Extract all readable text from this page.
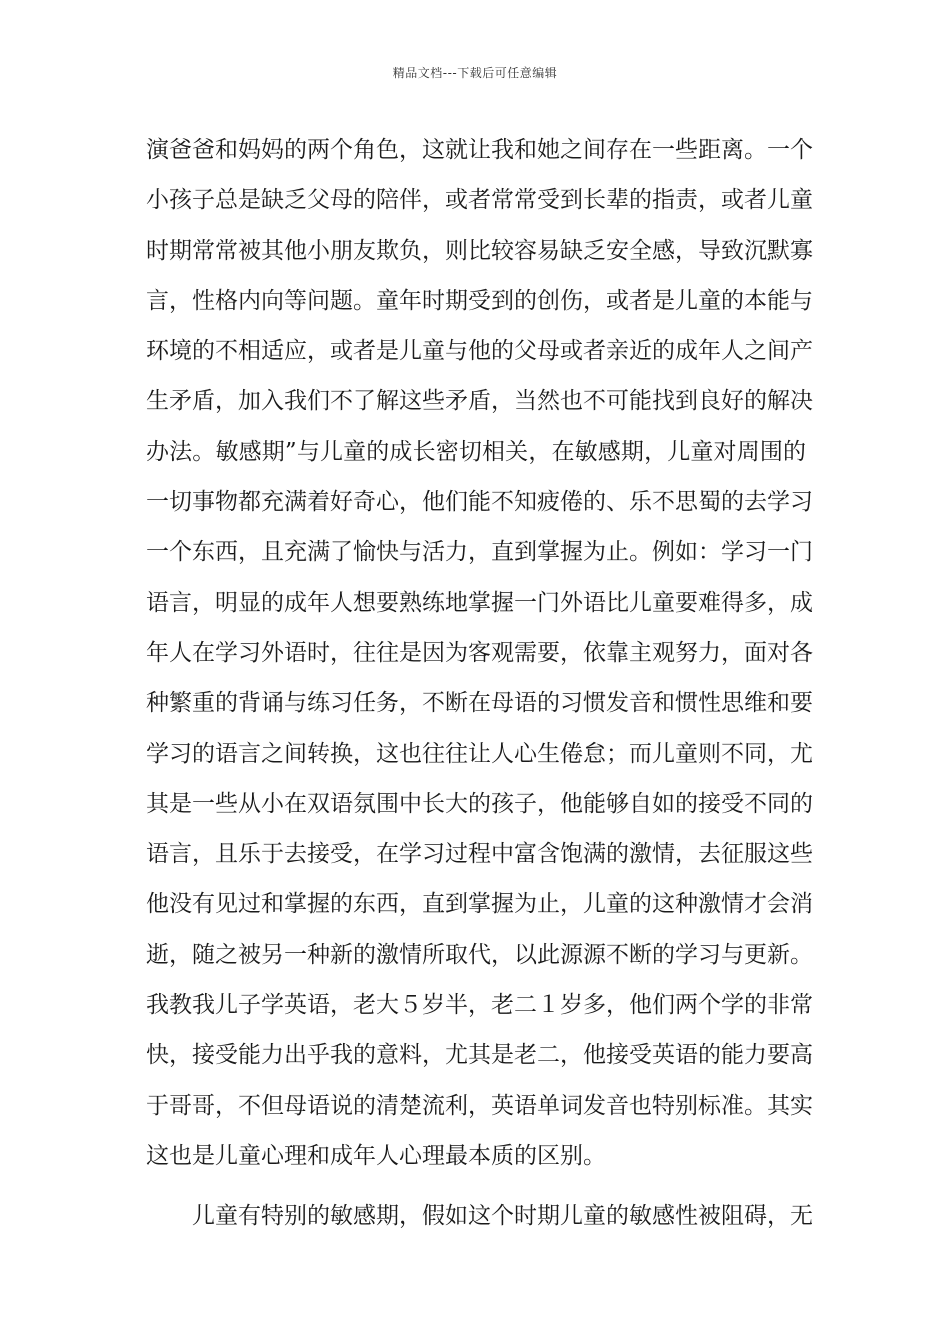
精品文档---下载后可任意编辑
演爸爸和妈妈的两个角色，这就让我和她之间存在一些距离。一个
小孩子总是缺乏父母的陪伴，或者常常受到长辈的指责，或者儿童
时期常常被其他小朋友欺负，则比较容易缺乏安全感，导致沉默寡
言，性格内向等问题。童年时期受到的创伤，或者是儿童的本能与
环境的不相适应，或者是儿童与他的父母或者亲近的成年人之间产
生矛盾，加入我们不了解这些矛盾，当然也不可能找到良好的解决
办法。敏感期”与儿童的成长密切相关，在敏感期，儿童对周围的
一切事物都充满着好奇心，他们能不知疲倦的、乐不思蜀的去学习
一个东西，且充满了愉快与活力，直到掌握为止。例如：学习一门
语言，明显的成年人想要熟练地掌握一门外语比儿童要难得多，成
年人在学习外语时，往往是因为客观需要，依靠主观努力，面对各
种繁重的背诵与练习任务，不断在母语的习惯发音和惯性思维和要
学习的语言之间转换，这也往往让人心生倦怠；而儿童则不同，尤
其是一些从小在双语氛围中长大的孩子，他能够自如的接受不同的
语言，且乐于去接受，在学习过程中富含饱满的激情，去征服这些
他没有见过和掌握的东西，直到掌握为止，儿童的这种激情才会消
逝，随之被另一种新的激情所取代，以此源源不断的学习与更新。
我教我儿子学英语，老大５岁半，老二１岁多，他们两个学的非常
快，接受能力出乎我的意料，尤其是老二，他接受英语的能力要高
于哥哥，不但母语说的清楚流利，英语单词发音也特别标准。其实
这也是儿童心理和成年人心理最本质的区别。
儿童有特别的敏感期，假如这个时期儿童的敏感性被阻碍，无
